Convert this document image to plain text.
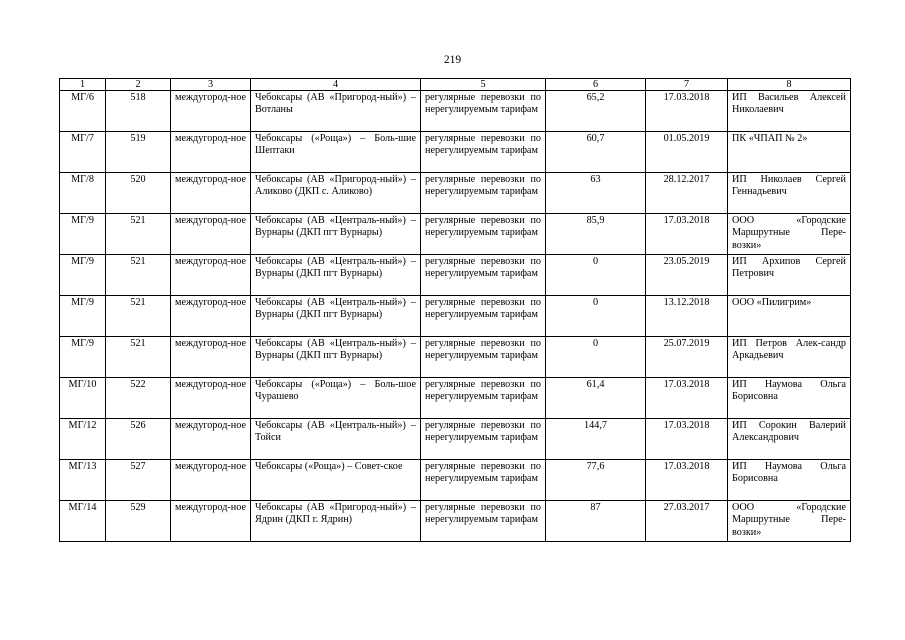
219
1	2	3	4	5	6	7	8
МГ/6	518	междугород-ное	Чебоксары (АВ «Пригород-ный») – Вотланы	регулярные перевозки по нерегулируемым тарифам	65,2	17.03.2018	ИП Васильев Алексей Николаевич
МГ/7	519	междугород-ное	Чебоксары («Роща») – Боль-шие Шептаки	регулярные перевозки по нерегулируемым тарифам	60,7	01.05.2019	ПК «ЧПАП № 2»
МГ/8	520	междугород-ное	Чебоксары (АВ «Пригород-ный») – Аликово (ДКП с. Аликово)	регулярные перевозки по нерегулируемым тарифам	63	28.12.2017	ИП Николаев Сергей Геннадьевич
МГ/9	521	междугород-ное	Чебоксары (АВ «Централь-ный») – Вурнары (ДКП пгт Вурнары)	регулярные перевозки по нерегулируемым тарифам	85,9	17.03.2018	ООО «Городские Маршрутные Пере-возки»
МГ/9	521	междугород-ное	Чебоксары (АВ «Централь-ный») – Вурнары (ДКП пгт Вурнары)	регулярные перевозки по нерегулируемым тарифам	0	23.05.2019	ИП Архипов Сергей Петрович
МГ/9	521	междугород-ное	Чебоксары (АВ «Централь-ный») – Вурнары (ДКП пгт Вурнары)	регулярные перевозки по нерегулируемым тарифам	0	13.12.2018	ООО «Пилигрим»
МГ/9	521	междугород-ное	Чебоксары (АВ «Централь-ный») – Вурнары (ДКП пгт Вурнары)	регулярные перевозки по нерегулируемым тарифам	0	25.07.2019	ИП Петров Алек-сандр Аркадьевич
МГ/10	522	междугород-ное	Чебоксары («Роща») – Боль-шое Чурашево	регулярные перевозки по нерегулируемым тарифам	61,4	17.03.2018	ИП Наумова Ольга Борисовна
МГ/12	526	междугород-ное	Чебоксары (АВ «Централь-ный») – Тойси	регулярные перевозки по нерегулируемым тарифам	144,7	17.03.2018	ИП Сорокин Валерий Александрович
МГ/13	527	междугород-ное	Чебоксары («Роща») – Совет-ское	регулярные перевозки по нерегулируемым тарифам	77,6	17.03.2018	ИП Наумова Ольга Борисовна
МГ/14	529	междугород-ное	Чебоксары (АВ «Пригород-ный») – Ядрин (ДКП г. Ядрин)	регулярные перевозки по нерегулируемым тарифам	87	27.03.2017	ООО «Городские Маршрутные Пере-возки»
